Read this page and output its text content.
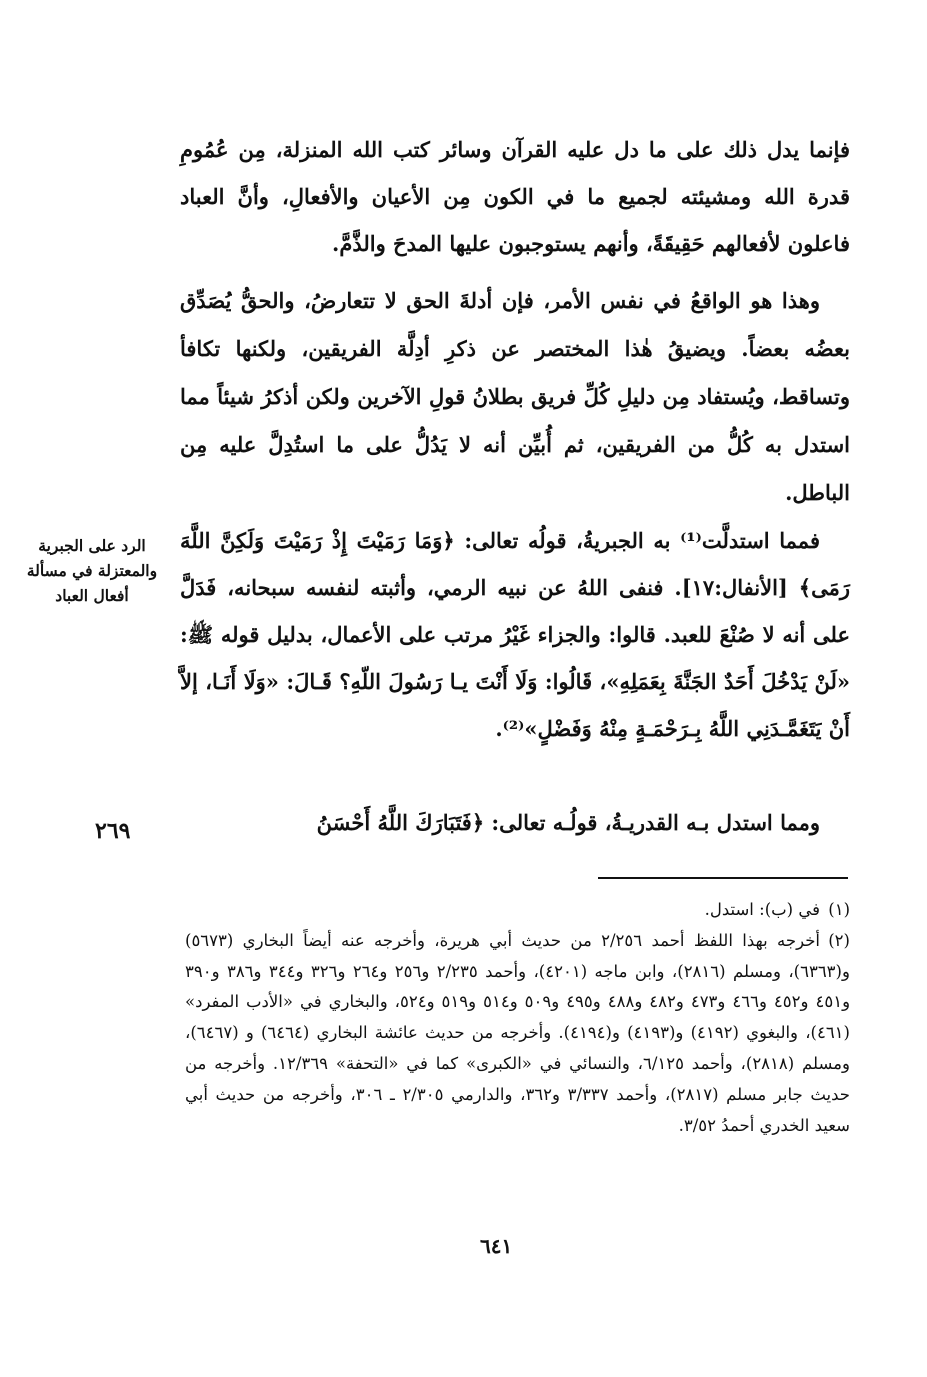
فإنما يدل ذلك على ما دل عليه القرآن وسائر كتب الله المنزلة، مِن عُمُومِ قدرة الله ومشيئته لجميع ما في الكون مِن الأعيان والأفعالِ، وأنَّ العباد فاعلون لأفعالهم حَقِيقَةً، وأنهم يستوجبون عليها المدحَ والذَّمَّ.

وهذا هو الواقعُ في نفس الأمر، فإن أدلةَ الحق لا تتعارضُ، والحقُّ يُصَدِّق بعضُه بعضاً. ويضيقُ هٰذا المختصر عن ذكرِ أدِلَّة الفريقين، ولكنها تكافأ وتساقط، ويُستفاد مِن دليلِ كُلِّ فريق بطلانُ قولِ الآخرين ولكن أذكرُ شيئاً مما استدل به كُلُّ من الفريقين، ثم أُبيِّن أنه لا يَدُلُّ على ما استُدِلَّ عليه مِن الباطل.

الرد على الجبرية والمعتزلة في مسألة أفعال العباد

فمما استدلَّت⁽¹⁾ به الجبريةُ، قولُه تعالى: ﴿وَمَا رَمَيْتَ إِذْ رَمَيْتَ وَلَكِنَّ اللَّهَ رَمَى﴾ [الأنفال:١٧]. فنفى اللهُ عن نبيه الرمي، وأثبته لنفسه سبحانه، فَدَلَّ على أنه لا صُنْعَ للعبد. قالوا: والجزاء غَيْرُ مرتب على الأعمال، بدليل قوله ﷺ: «لَنْ يَدْخُلَ أَحَدٌ الجَنَّةَ بِعَمَلِهِ»، قَالُوا: وَلَا أَنْتَ يـا رَسُولَ اللّهِ؟ قَـالَ: «وَلَا أَنَـا، إلاَّ أَنْ يَتَغَمَّـدَنِي اللَّهُ بِـرَحْمَـةٍ مِنْهُ وَفَضْلٍ»⁽²⁾.

ومما استدل بـه القدريـةُ، قولُـه تعالى: ﴿فَتَبَارَكَ اللَّهُ أَحْسَنُ

٢٦٩

(١)في (ب): استدل.

(٢)أخرجه بهذا اللفظ أحمد ٢/٢٥٦ من حديث أبي هريرة، وأخرجه عنه أيضاً البخاري (٥٦٧٣) و(٦٣٦٣)، ومسلم (٢٨١٦)، وابن ماجه (٤٢٠١)، وأحمد ٢/٢٣٥ و٢٥٦ و٢٦٤ و٣٢٦ و٣٤٤ و٣٨٦ و٣٩٠ و٤٥١ و٤٥٢ و٤٦٦ و٤٧٣ و٤٨٢ و٤٨٨ و٤٩٥ و٥٠٩ و٥١٤ و٥١٩ و٥٢٤، والبخاري في «الأدب المفرد» (٤٦١)، والبغوي (٤١٩٢) و(٤١٩٣) و(٤١٩٤). وأخرجه من حديث عائشة البخاري (٦٤٦٤) و (٦٤٦٧)، ومسلم (٢٨١٨)، وأحمد ٦/١٢٥، والنسائي في «الكبرى» كما في «التحفة» ١٢/٣٦٩. وأخرجه من حديث جابر مسلم (٢٨١٧)، وأحمد ٣/٣٣٧ و٣٦٢، والدارمي ٢/٣٠٥ ـ ٣٠٦، وأخرجه من حديث أبي سعيد الخدري أحمدُ ٣/٥٢.

٦٤١
